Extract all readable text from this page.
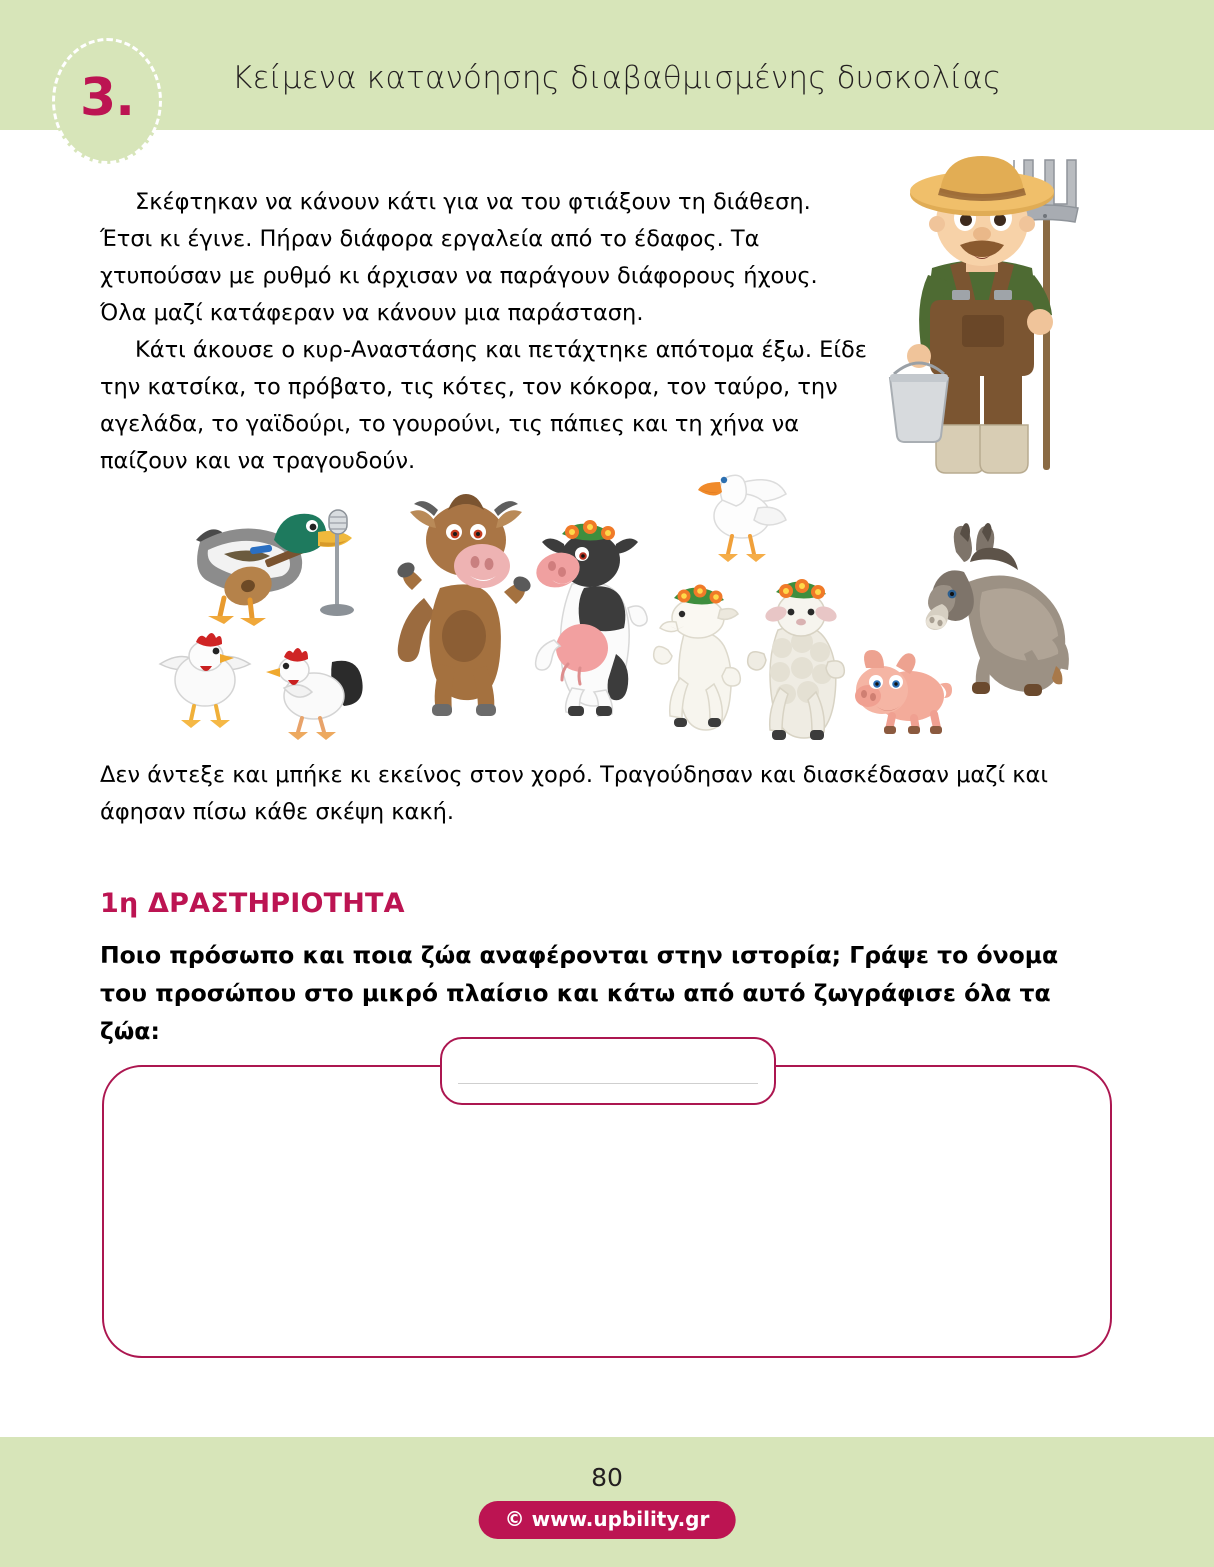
3.	Κείμενα κατανόησης διαβαθμισμένης δυσκολίας

Σκέφτηκαν να κάνουν κάτι για να του φτιάξουν τη διάθεση. Έτσι κι έγινε. Πήραν διάφορα εργαλεία από το έδαφος. Τα χτυπούσαν με ρυθμό κι άρχισαν να παράγουν διάφορους ήχους. Όλα μαζί κατάφεραν να κάνουν μια παράσταση.

Κάτι άκουσε ο κυρ-Αναστάσης και πετάχτηκε απότομα έξω. Είδε την κατσίκα, το πρόβατο, τις κότες, τον κόκορα, τον ταύρο, την αγελάδα, το γαϊδούρι, το γουρούνι, τις πάπιες και τη χήνα να παίζουν και να τραγουδούν.

Δεν άντεξε και μπήκε κι εκείνος στον χορό. Τραγούδησαν και διασκέδασαν μαζί και άφησαν πίσω κάθε σκέψη κακή.

1η ΔΡΑΣΤΗΡΙΟΤΗΤΑ

Ποιο πρόσωπο και ποια ζώα αναφέρονται στην ιστορία; Γράψε το όνομα

του προσώπου στο μικρό πλαίσιο και κάτω από αυτό ζωγράφισε όλα τα ζώα:

80
© www.upbility.gr
